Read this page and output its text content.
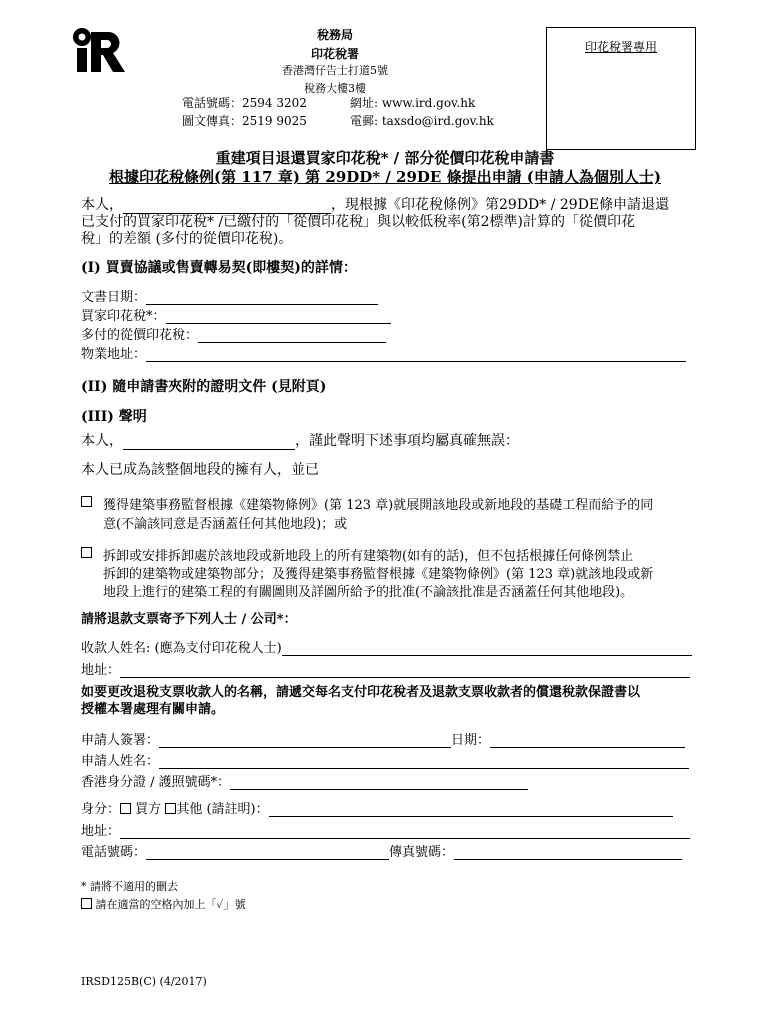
稅務局
印花稅署
香港灣仔告士打道5號
稅務大樓3樓
電話號碼：2594 3202
圖文傳真：2519 9025
網址: www.ird.gov.hk
電郵: taxsdo@ird.gov.hk
印花稅署專用
重建項目退還買家印花稅* / 部分從價印花稅申請書
根據印花稅條例(第 117 章) 第 29DD* / 29DE 條提出申請 (申請人為個別人士)
本人，	，現根據《印花稅條例》第29DD* / 29DE條申請退還
已支付的買家印花稅* /已繳付的「從價印花稅」與以較低稅率(第2標準)計算的「從價印花
稅」的差額 (多付的從價印花稅)。
(I) 買賣協議或售賣轉易契(即樓契)的詳情：
文書日期：
買家印花稅*：
多付的從價印花稅：
物業地址：
(II) 隨申請書夾附的證明文件 (見附頁)
(III) 聲明
本人，	，謹此聲明下述事項均屬真確無誤：
本人已成為該整個地段的擁有人，並已
獲得建築事務監督根據《建築物條例》(第 123 章)就展開該地段或新地段的基礎工程而給予的同
意(不論該同意是否涵蓋任何其他地段)；或
拆卸或安排拆卸處於該地段或新地段上的所有建築物(如有的話)，但不包括根據任何條例禁止
拆卸的建築物或建築物部分；及獲得建築事務監督根據《建築物條例》(第 123 章)就該地段或新
地段上進行的建築工程的有關圖則及詳圖所給予的批准(不論該批准是否涵蓋任何其他地段)。
請將退款支票寄予下列人士 / 公司*：
收款人姓名: (應為支付印花稅人士)
地址：
如要更改退稅支票收款人的名稱，請遞交每名支付印花稅者及退款支票收款者的償還稅款保證書以
授權本署處理有關申請。
申請人簽署：	日期：
申請人姓名：
香港身分證 / 護照號碼*：
身分： 買方 其他 (請註明)：
地址：
電話號碼：	傳真號碼：
* 請將不適用的刪去
請在適當的空格內加上「✓」號
IRSD125B(C) (4/2017)
